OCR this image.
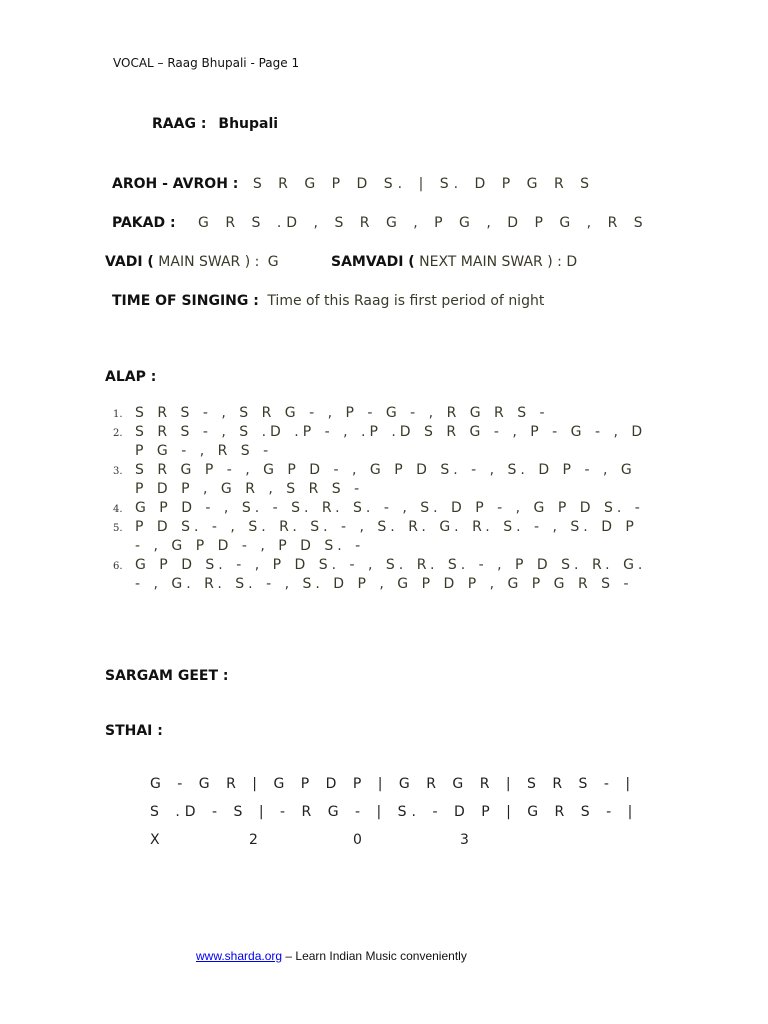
VOCAL – Raag Bhupali - Page 1
RAAG : Bhupali
AROH - AVROH : S R G P D S. | S. D P G R S
PAKAD : G R S .D , S R G , P G , D P G , R S
VADI ( MAIN SWAR ) : G	SAMVADI ( NEXT MAIN SWAR ) : D
TIME OF SINGING : Time of this Raag is first period of night
ALAP :
1. S R S - , S R G - , P - G - , R G R S -
2. S R S - , S .D .P - , .P .D S R G - , P - G - , D P G - , R S -
3. S R G P - , G P D - , G P D S. - , S. D P - , G P D P , G R , S R S -
4. G P D - , S. - S. R. S. - , S. D P - , G P D S. -
5. P D S. - , S. R. S. - , S. R. G. R. S. - , S. D P - , G P D - , P D S. -
6. G P D S. - , P D S. - , S. R. S. - , P D S. R. G. - , G. R. S. - , S. D P , G P D P , G P G R S -
SARGAM GEET :
STHAI :
G - G R | G P D P | G R G R | S R S - |
S .D - S | - R G - | S. - D P | G R S - |
X	2	0	3
www.sharda.org – Learn Indian Music conveniently
